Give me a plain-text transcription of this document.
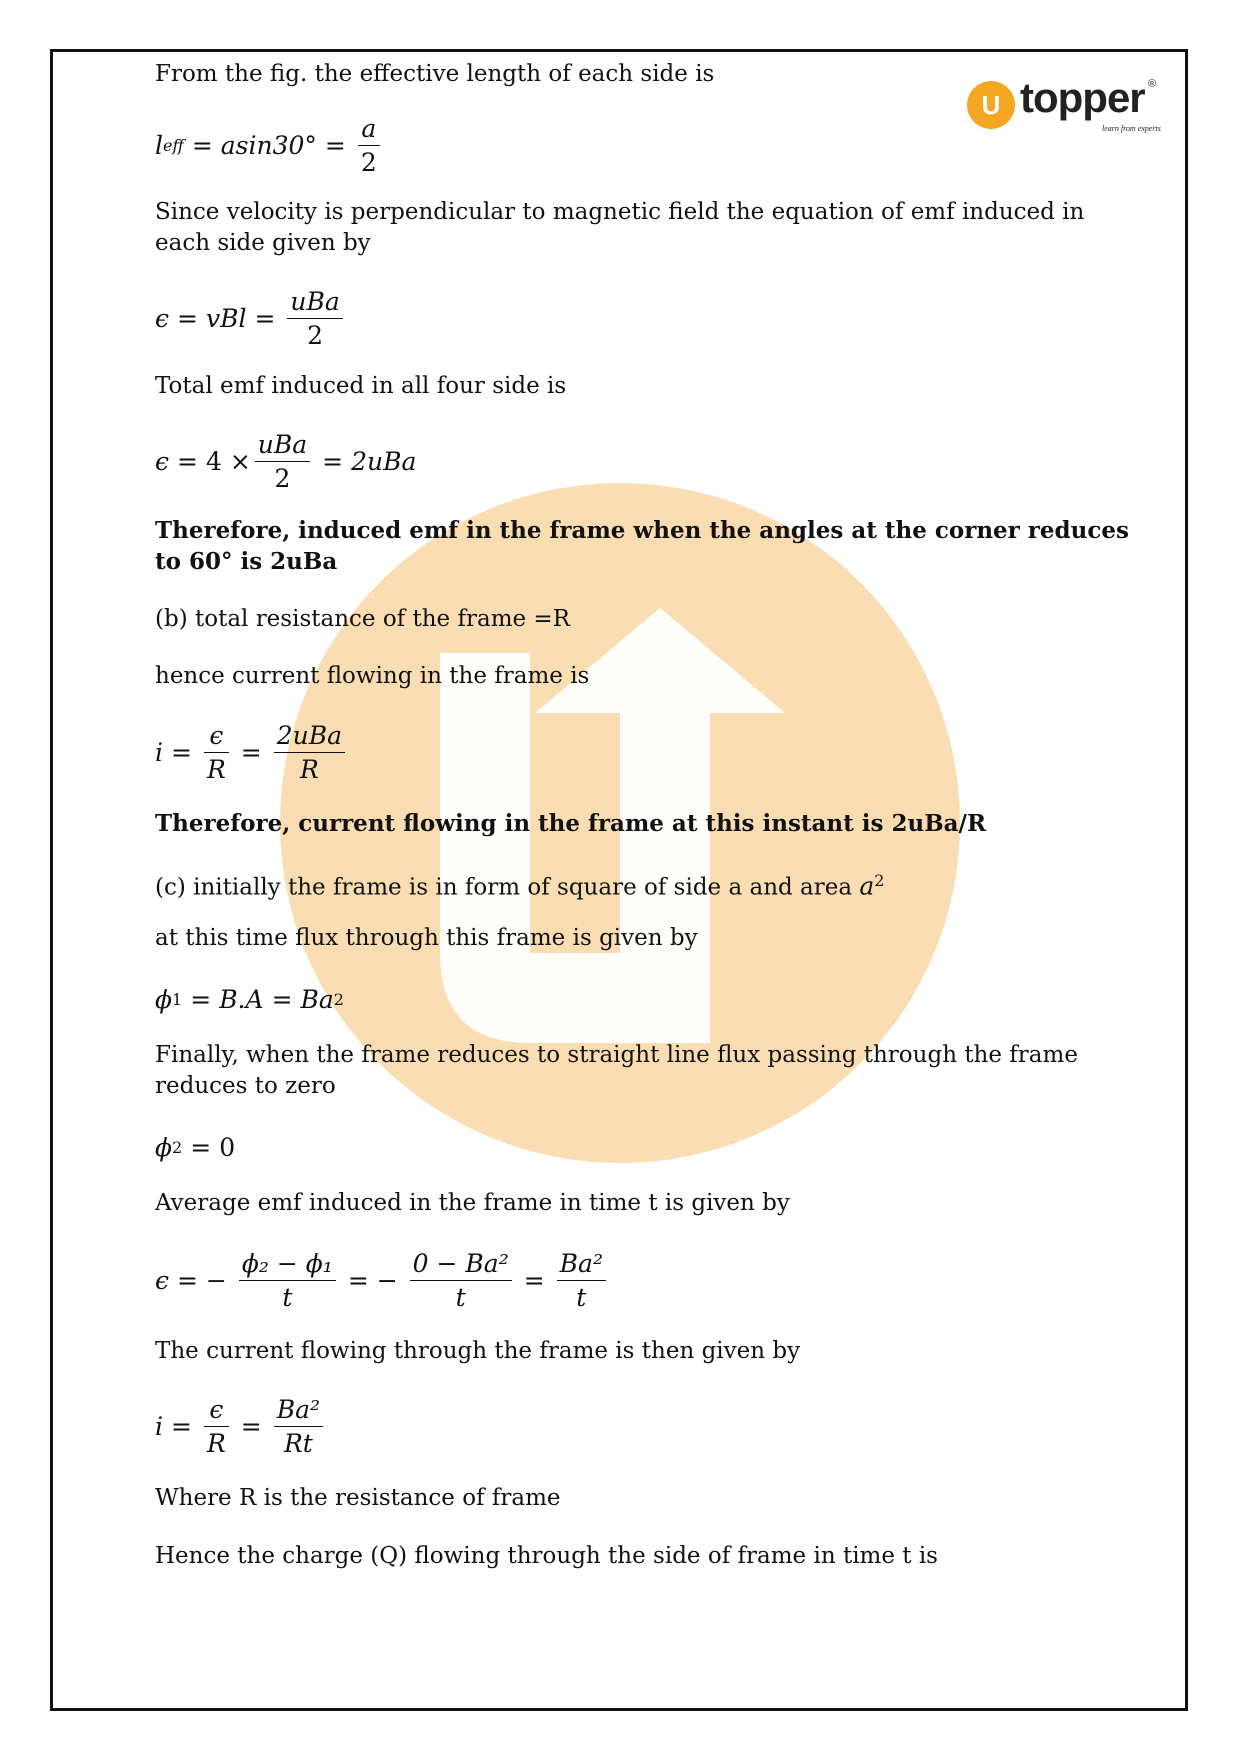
U topper ®
learn from experts
From the fig. the effective length of each side is
l eff = $asin30^\circ = \frac{a}{2}$
Since velocity is perpendicular to magnetic field the equation of emf induced in
each side given by
ϵ = vBl = $\frac{\text{uBa}}{2}$
Total emf induced in all four side is
$\epsilon = 4 \times \frac{\text{uBa}}{2} = 2uBa$
Therefore, induced emf in the frame when the angles at the corner reduces
to 60° is 2uBa
(b) total resistance of the frame =R
hence current flowing in the frame is
$i = \frac{\epsilon}{R} = \frac{\text{2uBa}}{R}$
Therefore, current flowing in the frame at this instant is 2uBa/R
(c) initially the frame is in form of square of side a and area $a^2$
at this time flux through this frame is given by
ϕ 1 = B.A = Ba 2
Finally, when the frame reduces to straight line flux passing through the frame
reduces to zero
ϕ 2 = 0
Average emf induced in the frame in time t is given by
ϵ = − $\frac{\text{ϕ₂ − ϕ₁}}{t}$ = − $\frac{\text{0 − Ba²}}{t} = \frac{\text{Ba²}}{t}$
The current flowing through the frame is then given by
$i = \frac{\epsilon}{R} = \frac{\text{Ba²}}{Rt}$
Where R is the resistance of frame
Hence the charge (Q) flowing through the side of frame in time t is
